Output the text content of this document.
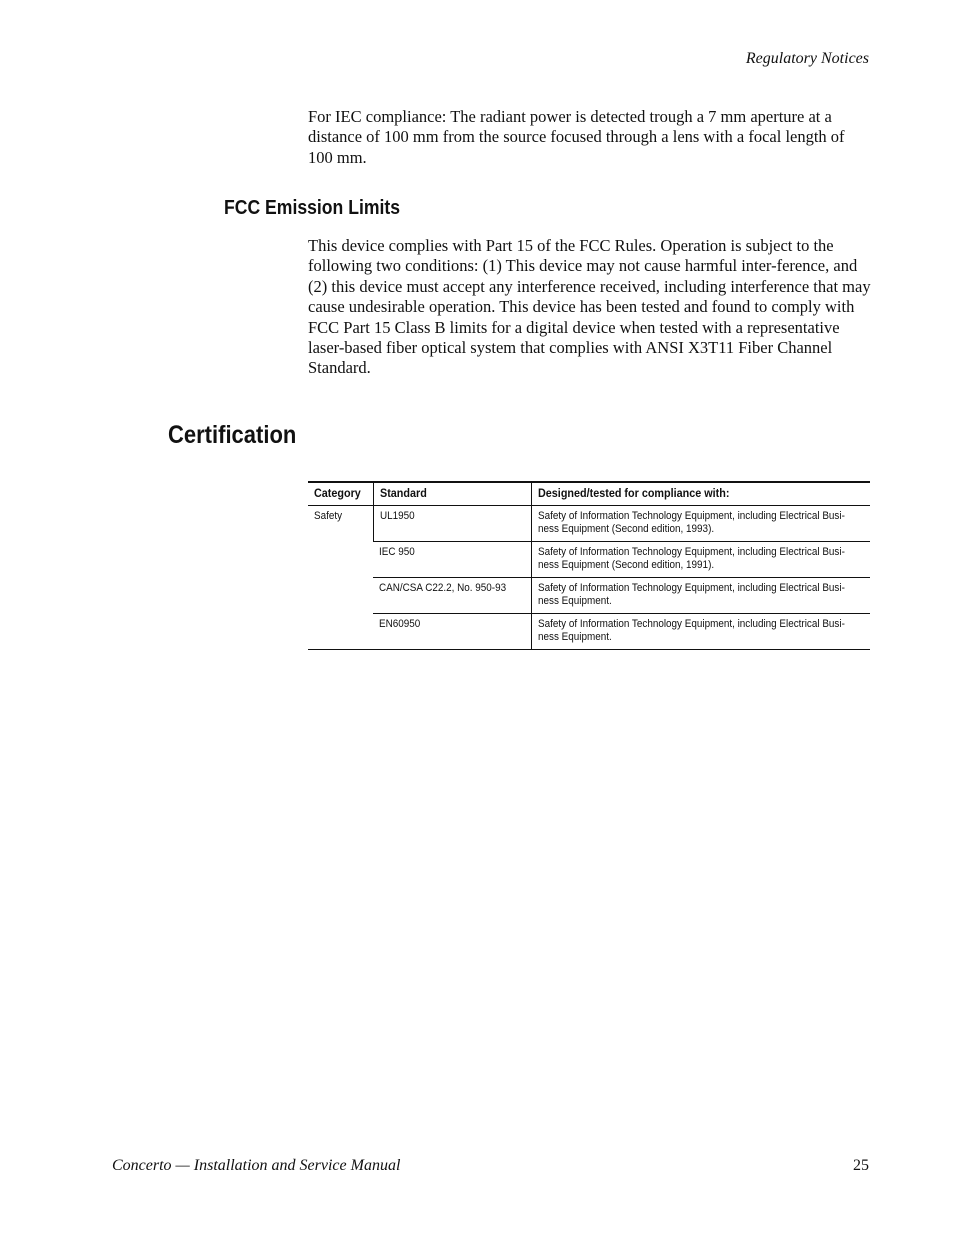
Regulatory Notices

For IEC compliance: The radiant power is detected trough a 7 mm aperture at a distance of 100 mm from the source focused through a lens with a focal length of 100 mm.

FCC Emission Limits

This device complies with Part 15 of the FCC Rules. Operation is subject to the following two conditions: (1) This device may not cause harmful inter-ference, and (2) this device must accept any interference received, including interference that may cause undesirable operation. This device has been tested and found to comply with FCC Part 15 Class B limits for a digital device when tested with a representative laser-based fiber optical system that complies with ANSI X3T11 Fiber Channel Standard.

Certification
Category	Standard	Designed/tested for compliance with:
Safety	UL1950	Safety of Information Technology Equipment, including Electrical Busi-ness Equipment (Second edition, 1993).
	IEC 950	Safety of Information Technology Equipment, including Electrical Busi-ness Equipment (Second edition, 1991).
	CAN/CSA C22.2, No. 950-93	Safety of Information Technology Equipment, including Electrical Busi-ness Equipment.
	EN60950	Safety of Information Technology Equipment, including Electrical Busi-ness Equipment.
Concerto — Installation and Service Manual	25
